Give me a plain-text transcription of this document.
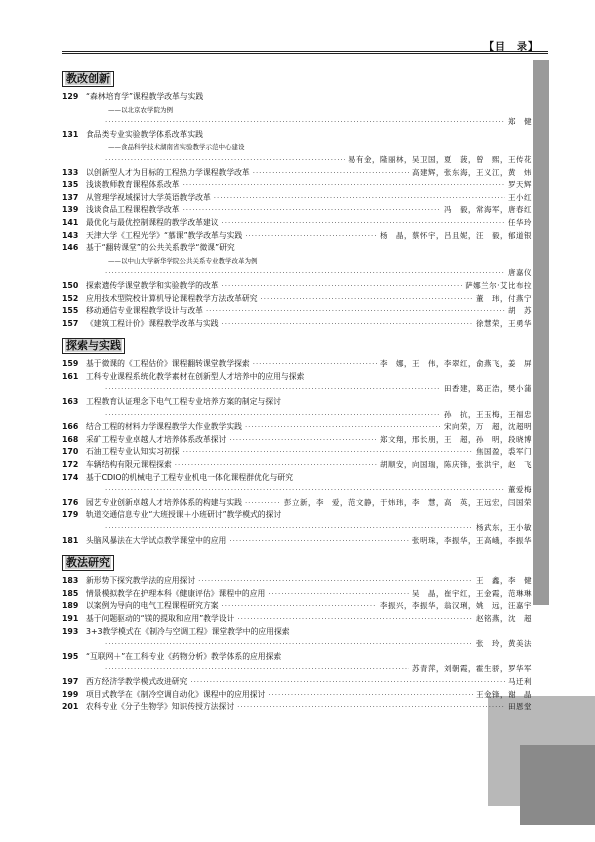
【目　录】
教改创新
129 “森林培育学”课程教学改革与实践
——以北京农学院为例
·····
郑　健
131 食品类专业实验教学体系改革实践
——食品科学技术湖南省实验教学示范中心建设
·····
易有金，隆丽林，吴卫国，夏　菠，曾　熙，王传花
133 以创新型人才为目标的工程热力学课程教学改革 ·····	高建辉，张东海，王义江，黄　炜
135 浅谈教师教育课程体系改革 ·····	罗天辉
137 从管理学视域探讨大学英语教学改革 ·····	王小红
139 浅谈食品工程课程教学改革 ·····	冯　毅，常海军，唐春红
141 最优化与最优控制课程的教学改革建议 ·····	任华玲
143 天津大学《工程光学》“慕课”教学改革与实践 ·····	杨　晶，蔡怀宇，吕且妮，汪　毅，郁道银
146 基于“翻转课堂”的公共关系教学“微课”研究
——以中山大学新华学院公共关系专业教学改革为例
·····
唐嘉仪
150 探索遗传学课堂教学和实验教学的改革 ·····	萨娜兰尔·艾比布拉
152 应用技术型院校计算机导论课程教学方法改革研究 ·····	董　玮，付燕宁
155 移动通信专业课程教学设计与改革 ·····	胡　苏
157 《建筑工程计价》课程教学改革与实践 ·····	徐慧荣，王勇华
探索与实践
159 基于微课的《工程估价》课程翻转课堂教学探索 ·····	李　娜，王　伟，李翠红，俞燕飞，姜　屏
161 工科专业课程系统化教学素材在创新型人才培养中的应用与探索
·····
田香建，葛正浩，樊小蒲
163 工程教育认证理念下电气工程专业培养方案的制定与探讨
·····
孙　抗，王玉梅，王福忠
166 结合工程的材料力学课程教学大作业教学实践 ·····	宋向荣，万　超，沈超明
168 采矿工程专业卓越人才培养体系改革探讨 ·····	郑文翔，邢长朋，王　超，孙　明，段晓博
170 石油工程专业认知实习初探 ·····	焦国盈，裘军门
172 车辆结构有限元课程探索 ·····	胡顺安，向国瑞，陈庆锋，张洪宇，赵　飞
174 基于CDIO的机械电子工程专业机电一体化课程群优化与研究
·····
董爱梅
176 园艺专业创新卓越人才培养体系的构建与实践 ·····	彭立新，李　爱，范文静，于炜玮，李　慧，高　英，王远宏，闫国荣
179 轨道交通信息专业“大班授课＋小班研讨”教学模式的探讨
·····
杨武东，王小敏
181 头脑风暴法在大学试点教学课堂中的应用 ·····	张明珠，李振华，王高峨，李振华
教法研究
183 新形势下探究教学法的应用探讨 ·····	王　鑫，李　健
185 情景模拟教学在护理本科《健康评估》课程中的应用 ·····	吴　晶，崔宇红，王金霞，范琳琳
189 以案例为导向的电气工程课程研究方案 ·····	李振兴，李振华，翁汉琍，姚　远，汪嘉宇
191 基于问题驱动的“镁的提取和应用”教学设计 ·····	赵铭燕，沈　超
193 3+3教学模式在《制冷与空调工程》课堂教学中的应用探索
·····
张　玲，黄美法
195 “互联网＋”在工科专业《药物分析》教学体系的应用探索
·····
苏青萍，刘朝霞，霍生骄，罗华军
197 西方经济学教学模式改进研究 ·····	马迁利
199 项目式教学在《制冷空调自动化》课程中的应用探讨 ·····	王金锋，谢　晶
201 农科专业《分子生物学》知识传授方法探讨 ·····	田恩堂
